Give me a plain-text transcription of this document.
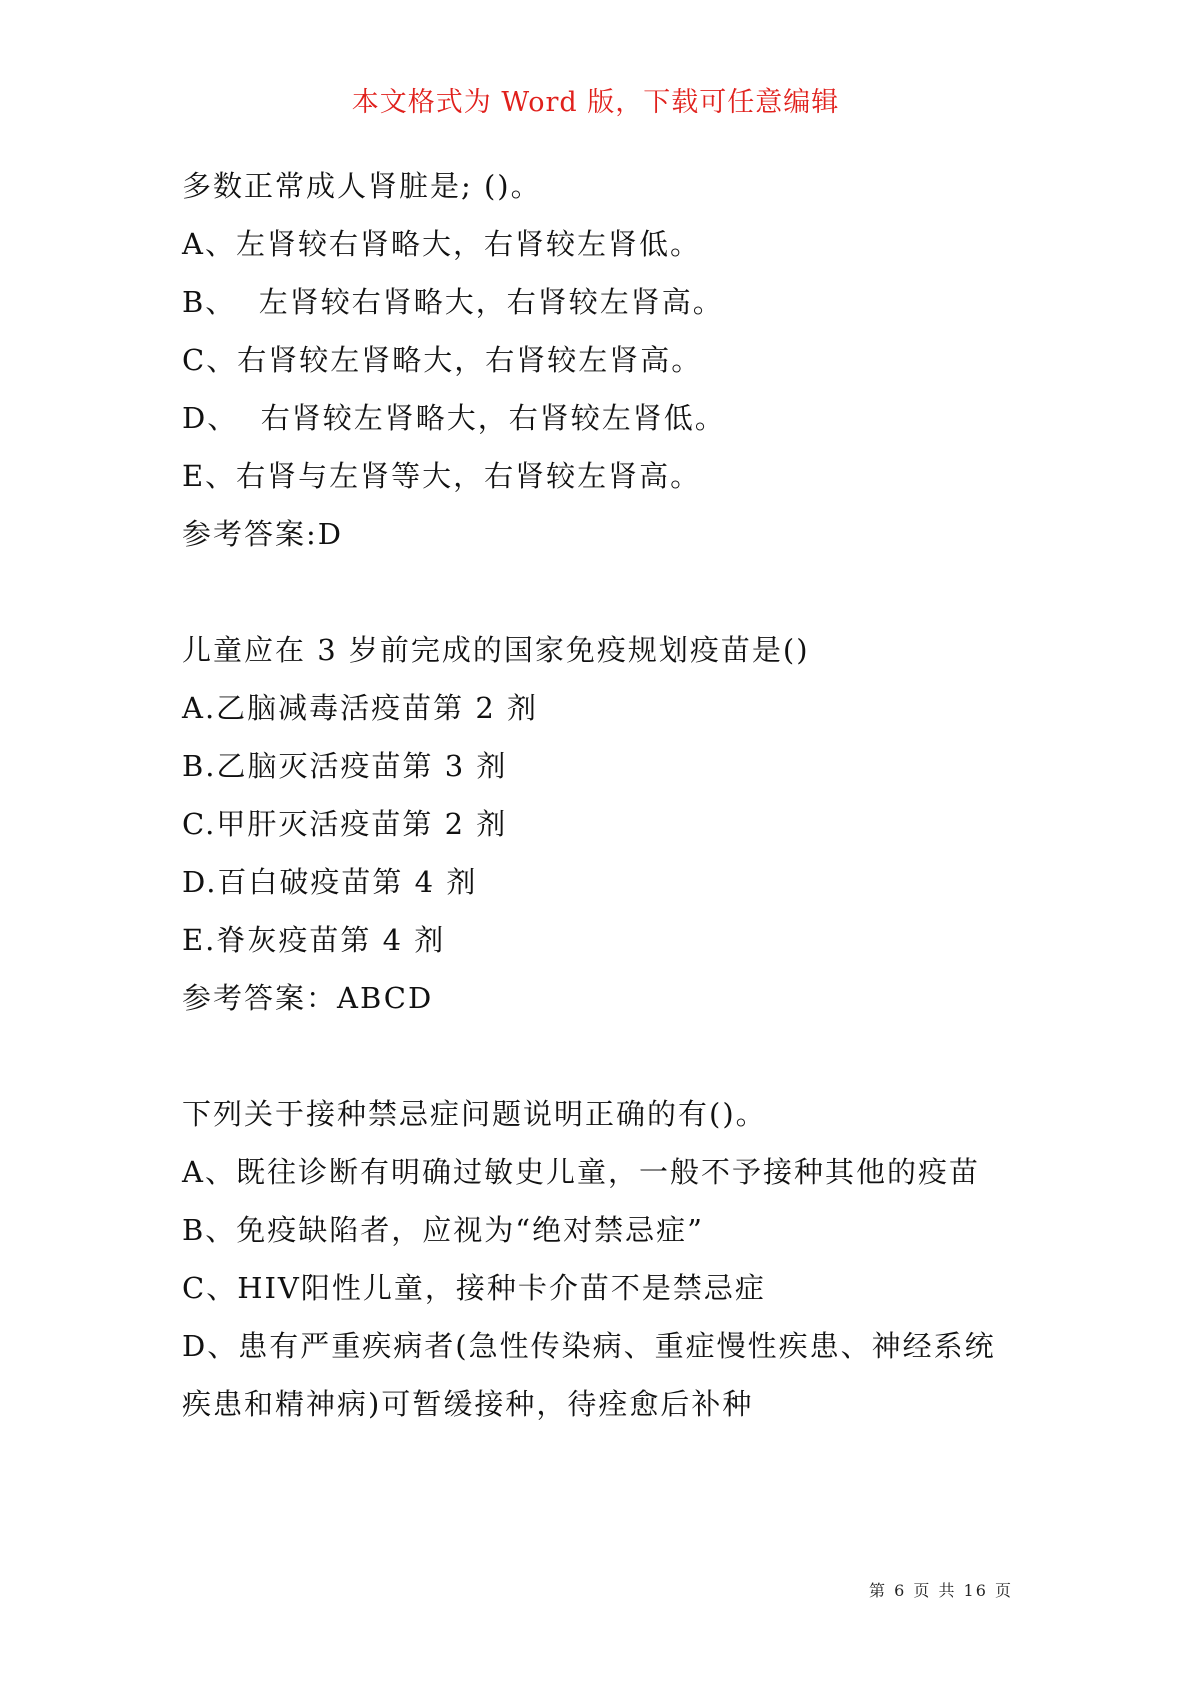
本文格式为 Word 版，下载可任意编辑
多数正常成人肾脏是; ()。
A、左肾较右肾略大，右肾较左肾低。
B、  左肾较右肾略大，右肾较左肾高。
C、右肾较左肾略大，右肾较左肾高。
D、  右肾较左肾略大，右肾较左肾低。
E、右肾与左肾等大，右肾较左肾高。
参考答案:D
儿童应在 3 岁前完成的国家免疫规划疫苗是()
A.乙脑减毒活疫苗第 2 剂
B.乙脑灭活疫苗第 3 剂
C.甲肝灭活疫苗第 2 剂
D.百白破疫苗第 4 剂
E.脊灰疫苗第 4 剂
参考答案：ABCD
下列关于接种禁忌症问题说明正确的有()。
A、既往诊断有明确过敏史儿童，一般不予接种其他的疫苗
B、免疫缺陷者，应视为“绝对禁忌症”
C、HIV阳性儿童，接种卡介苗不是禁忌症
D、患有严重疾病者(急性传染病、重症慢性疾患、神经系统
疾患和精神病)可暂缓接种，待痊愈后补种
第 6 页 共 16 页
